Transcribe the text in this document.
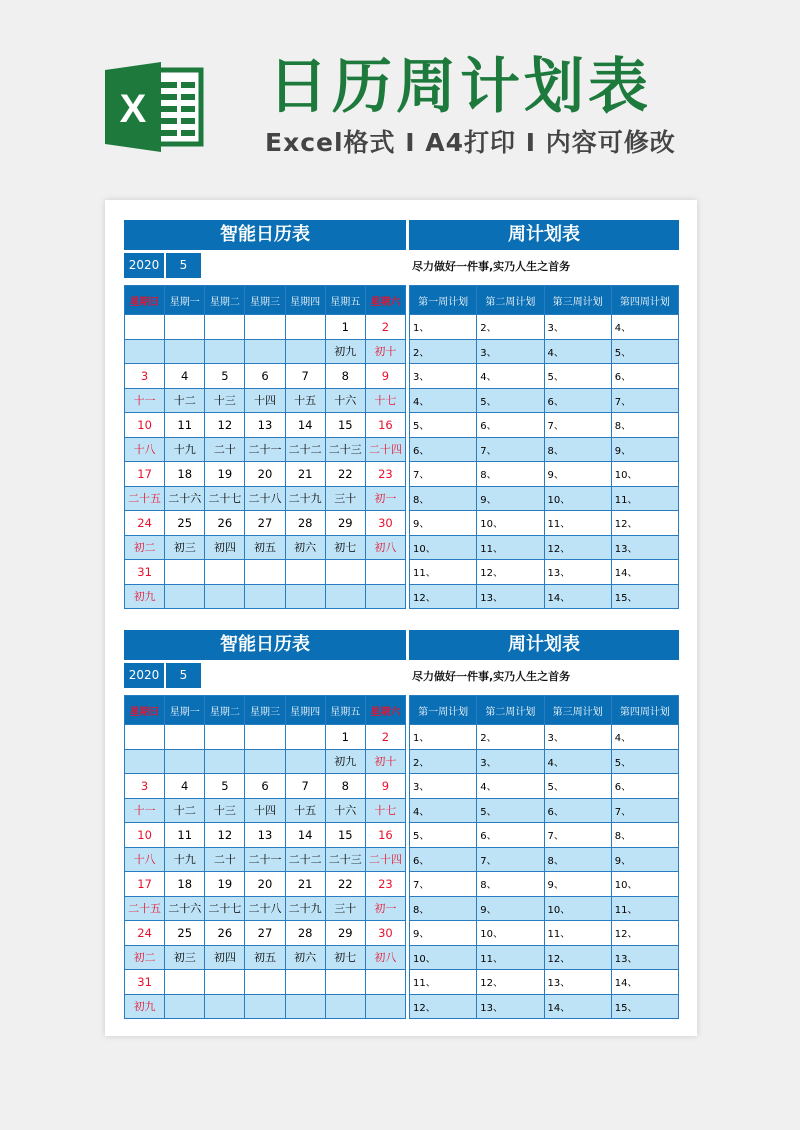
X 日历周计划表
Excel格式 I A4打印 I 内容可修改
智能日历表
2020	5
星期日	星期一	星期二	星期三	星期四	星期五	星期六
					1	2
					初九	初十
3	4	5	6	7	8	9
十一	十二	十三	十四	十五	十六	十七
10	11	12	13	14	15	16
十八	十九	二十	二十一	二十二	二十三	二十四
17	18	19	20	21	22	23
二十五	二十六	二十七	二十八	二十九	三十	初一
24	25	26	27	28	29	30
初二	初三	初四	初五	初六	初七	初八
31						
初九						
周计划表
尽力做好一件事,实乃人生之首务
第一周计划	第二周计划	第三周计划	第四周计划
1、	2、	3、	4、
2、	3、	4、	5、
3、	4、	5、	6、
4、	5、	6、	7、
5、	6、	7、	8、
6、	7、	8、	9、
7、	8、	9、	10、
8、	9、	10、	11、
9、	10、	11、	12、
10、	11、	12、	13、
11、	12、	13、	14、
12、	13、	14、	15、
智能日历表
2020	5
星期日	星期一	星期二	星期三	星期四	星期五	星期六
					1	2
					初九	初十
3	4	5	6	7	8	9
十一	十二	十三	十四	十五	十六	十七
10	11	12	13	14	15	16
十八	十九	二十	二十一	二十二	二十三	二十四
17	18	19	20	21	22	23
二十五	二十六	二十七	二十八	二十九	三十	初一
24	25	26	27	28	29	30
初二	初三	初四	初五	初六	初七	初八
31						
初九						
周计划表
尽力做好一件事,实乃人生之首务
第一周计划	第二周计划	第三周计划	第四周计划
1、	2、	3、	4、
2、	3、	4、	5、
3、	4、	5、	6、
4、	5、	6、	7、
5、	6、	7、	8、
6、	7、	8、	9、
7、	8、	9、	10、
8、	9、	10、	11、
9、	10、	11、	12、
10、	11、	12、	13、
11、	12、	13、	14、
12、	13、	14、	15、
